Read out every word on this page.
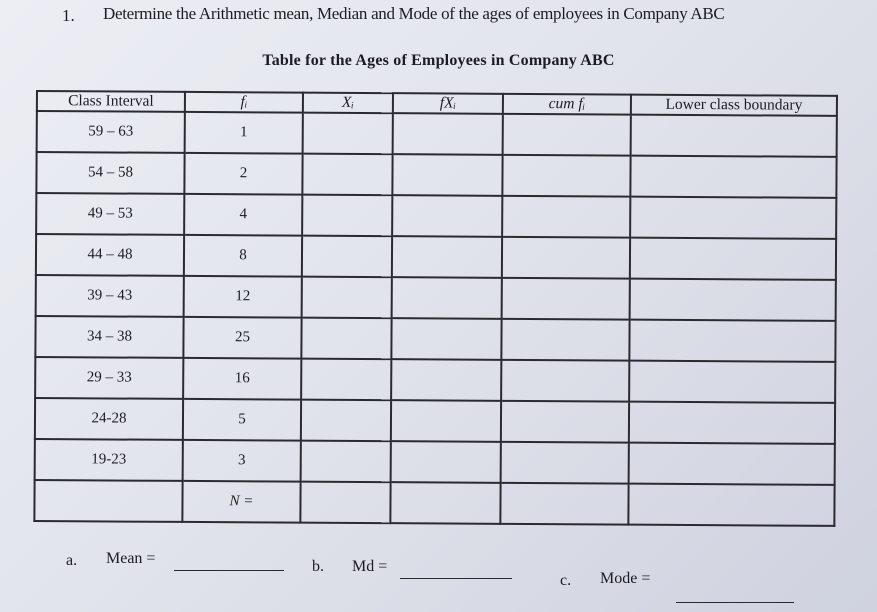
1. Determine the Arithmetic mean, Median and Mode of the ages of employees in Company ABC
Table for the Ages of Employees in Company ABC
Class Interval	fᵢ	Xᵢ	fXᵢ	cum fᵢ	Lower class boundary
59 – 63	1				
54 – 58	2				
49 – 53	4				
44 – 48	8				
39 – 43	12				
34 – 38	25				
29 – 33	16				
24-28	5				
19-23	3				
	N =				
a. Mean =	b. Md =
c. Mode =
